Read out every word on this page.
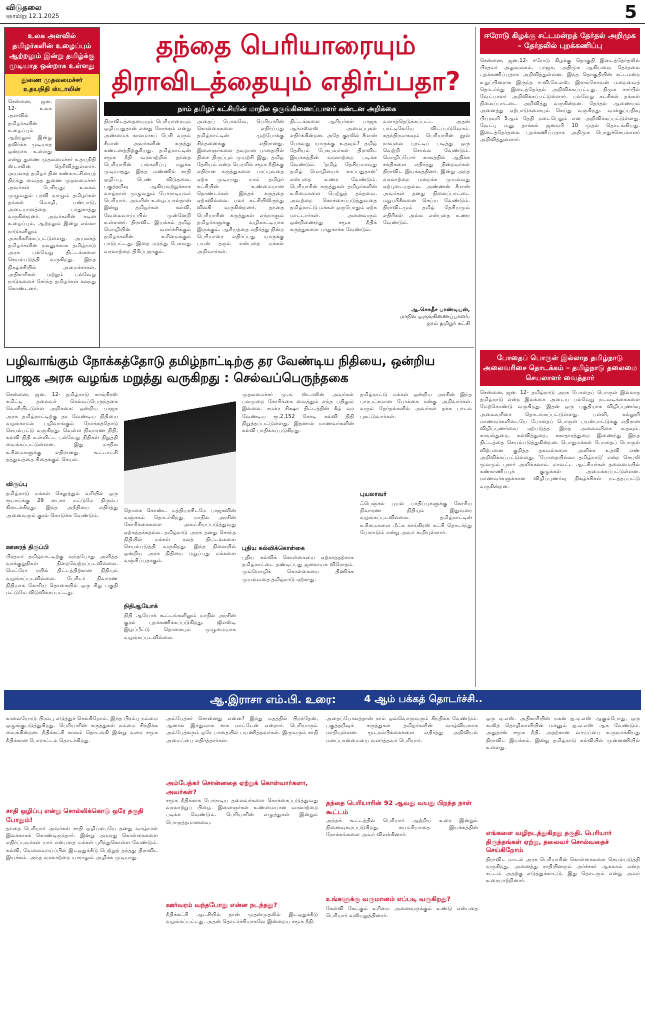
விடுதலை
ஞாயிறு 12.1.2025	5
உலக அளவில் தமிழர்களின் உழைப்பும் ஆற்றலும் இன்று தமிழ்க்கு முடியாத ஒன்றாக உள்ளது
துணை முதலமைச்சர்
உதயநிதி ஸ்டாலின்
சென்னை, ஜன. 12- உலக அளவில் தமிழர்களின் உழைப்பும் ஆற்றலும் இன்று தவிர்க்க முடியாத ஒன்றாக உள்ளது என்று துணை முதலமைச்சர் உதயநிதி ஸ்டாலின் தெரிவித்துள்ளார். அயலகத் தமிழர் தின கண்காட்சியைத் திறந்து வைத்த துணை முதலமைச்சர் அவர்கள் பேசியது: உலகம் முழுவதும் பரவி வாழும் தமிழர்கள் தங்கள் மொழி, பண்பாடு, அடையாளத்தை பாதுகாத்து வருகின்றனர். அவர்களின் கடின உழைப்பும், ஆற்றலும் இன்று எல்லா நாடுகளிலும் அங்கீகரிக்கப்பட்டுள்ளது. அயலகத் தமிழர்களின் நலனுக்காக தமிழ்நாடு அரசு பல்வேறு திட்டங்களை செயல்படுத்தி வருகிறது. இந்த நிகழ்ச்சியில் அமைச்சர்கள், அதிகாரிகள் மற்றும் பல்வேறு நாடுகளைச் சேர்ந்த தமிழர்கள் கலந்து கொண்டனர்.
தந்தை பெரியாரையும்
திராவிடத்தையும் எதிர்ப்பதா?
நாம் தமிழர் கட்சியின் மாநில ஒருங்கிணைப்பாளர் கண்டன அறிக்கை
திராவிடத்தையையும் பெரியாரையும் ஒழிப்பதுதான் எனது நோக்கம் என்று அண்மைக் காலமாகப் பேசி வரும் சீமான் அவர்களின் கருத்து கண்டனத்திற்குரியது. தமிழ்நாட்டின் சமூக நீதி வரலாற்றில் தந்தை பெரியாரின் பங்களிப்பு மறுக்க முடியாதது. இந்த மண்ணில் சாதி ஒழிப்பு, பெண் விடுதலை, பகுத்தறிவு ஆகியவற்றுக்காக வாழ்நாள் முழுவதும் போராடியவர் பெரியார். அவரின் உழைப்பால்தான் இன்று தமிழர்கள் கல்வி, வேலைவாய்ப்பில் முன்னேறி உள்ளனர். திராவிட இயக்கம் தமிழ் மொழியின் வளர்ச்சிக்கும் தமிழர்களின் உரிமைக்கும் பாடுபட்டது. இதை மறந்து பேசுவது வரலாற்றை திரிப்பதாகும்.
அதைப் போலவே, பெரியாரின் கொள்கைகளை எதிர்ப்பது தமிழ்நாட்டின் முற்போக்கு சிந்தனைக்கு எதிரானது. இளைஞர்களை தவறான பாதையில் திசை திருப்பும் முயற்சி இது. தமிழ் தேசியம் என்ற பெயரில் சமூக நீதிக்கு எதிரான கருத்துகளை பரப்புவதை ஏற்க முடியாது. நாம் தமிழர் கட்சியின் உண்மையான தொண்டர்கள் இந்தக் கருத்தை ஏற்கவில்லை. பலர் கட்சியிலிருந்து விலகி வருகின்றனர். தந்தை பெரியாரின் கருத்துகள் எந்நாளும் தமிழர்களுக்கு வழிகாட்டியாக இருக்கும். ஆரியத்தை எதிர்த்து நின்ற பெரியாரை எதிர்ப்பது யாருக்கு பயன் தரும் என்பதை மக்கள் அறிவார்கள்.
திட்டங்களை ஆரியர்கள் பாஜக ஆர்எஸ்எஸ் அமைப்புகள் எதிர்க்கின்றன. அதே குரலில் சீமான் பேசுவது யாருக்கு உதவும்? தமிழ் தேசியம் பேசுபவர்கள் திராவிட இயக்கத்தின் வரலாற்றை படிக்க வேண்டும். 'தமிழ் தேசியமாவது தமிழ் மொழியைக் காப்பதுதான்' என்பதை உணர வேண்டும். பெரியாரின் கருத்துகள் தமிழர்களின் உரிமைகளை பெற்றுத் தந்தவை. அவற்றை கொச்சைப்படுத்துவதை தமிழ்நாட்டு மக்கள் ஒருபோதும் ஏற்க மாட்டார்கள். அனைவரும் ஒன்றிணைந்து சமூக நீதிக் கருத்துகளை பாதுகாக்க வேண்டும்.
வளர்த்தெடுக்கப்பட்ட அதன் பாட்டிலேயே விடப்படுவோம். சுதந்திரமாகவும் பெரியாரின் நூல் நாவலை புரட்டிப் படித்து ஒரு வெற்றி சொல்ல வேண்டும். மொழிப்போர் காலத்தில் ஆதிக்க சக்திகளை எதிர்த்து நின்றவர்கள் திராவிட இயக்கத்தினர். இன்று அந்த வரலாற்றை மறைக்க முயல்வது ஏற்புடையதல்ல. அண்ணன் சீமான் அவர்கள் தனது நிலைப்பாட்டை மறுபரிசீலனை செய்ய வேண்டும். திராவிடமும் தமிழ் தேசியமும் எதிரிகள் அல்ல என்பதை உணர வேண்டும்.
ஆ.செகதீச பாண்டியன்,
மாநில ஒருங்கிணைப்பாளர்,
நாம் தமிழர் கட்சி
ஈரோடு கிழக்கு சட்டமன்றத் தேர்தல் அறிமுக – தேர்தலில் புறக்கணிப்பு
சென்னை, ஜன.12- ஈரோடு கிழக்கு தொகுதி இடைத்தேர்தலில் பிரதமர் அலுவலகம், பாஜக, அதிமுக ஆகியவை தேர்தலை புறக்கணிப்பதாக அறிவித்துள்ளன. இந்த தொகுதியின் சட்டமன்ற உறுப்பினராக இருந்த ஈ.வி.கே.எஸ். இளங்கோவன் மறைவைத் தொடர்ந்து இடைத்தேர்தல் அறிவிக்கப்பட்டது. திமுக சார்பில் வேட்பாளர் அறிவிக்கப்பட்டுள்ளார். பல்வேறு கட்சிகள் தங்கள் நிலைப்பாட்டை அறிவித்து வருகின்றன. தேர்தல் ஆணையம் அனைத்து ஏற்பாடுகளையும் செய்து வருகிறது. வாக்குப்பதிவு பிப்ரவரி 5ஆம் தேதி நடைபெறும் என அறிவிக்கப்பட்டுள்ளது. வேட்பு மனு தாக்கல் ஜனவரி 10 முதல் தொடங்கியது. இடைத்தேர்தலை புறக்கணிப்பதாக அதிமுக பொதுச்செயலாளர் அறிவித்துள்ளார்.
போதைப் பொருள் இல்லாத தமிழ்நாடு அலைவரிசை தொடக்கம் – தமிழ்நாடு தலைமை செயலாளர் வைத்தார்
சென்னை, ஜன. 12- தமிழ்நாடு அரசு போதைப் பொருள் இல்லாத தமிழ்நாடு என்ற இலக்கை அடைய பல்வேறு நடவடிக்கைகளை மேற்கொண்டு வருகிறது. இதன் ஒரு பகுதியாக விழிப்புணர்வு அலைவரிசை தொடங்கப்பட்டுள்ளது. பள்ளி, கல்லூரி மாணவர்களிடையே போதைப் பொருள் பயன்பாட்டுக்கு எதிரான விழிப்புணர்வை ஏற்படுத்த இந்த அலைவரிசை உதவும். காவல்துறை, கல்வித்துறை, சுகாதாரத்துறை இணைந்து இந்த திட்டத்தை செயல்படுத்துகின்றன. பொதுமக்கள் போதைப் பொருள் விற்பனை குறித்த தகவல்களை அளிக்க உதவி எண் அறிவிக்கப்பட்டுள்ளது. 'போதையில்லா தமிழ்நாடு' என்ற செயலி மூலமும் புகார் அளிக்கலாம். மாவட்ட ஆட்சியர்கள் தலைமையில் கண்காணிப்புக் குழுக்கள் அமைக்கப்பட்டுள்ளன. மாணவர்களுக்கான விழிப்புணர்வு நிகழ்ச்சிகள் நடத்தப்பட்டு வருகின்றன.
பழிவாங்கும் நோக்கத்தோடு தமிழ்நாட்டிற்கு தர வேண்டிய நிதியை, ஒன்றிய பாஜக அரசு வழங்க மறுத்து வருகிறது : செல்வப்பெருந்தகை
சென்னை, ஜன. 12- தமிழ்நாடு காங்கிரஸ் கமிட்டி தலைவர் செல்வப்பெருந்தகை வெளியிட்டுள்ள அறிக்கை: ஒன்றிய பாஜக அரசு தமிழ்நாட்டிற்கு தர வேண்டிய நிதியை வழங்காமல் பழிவாங்கும் நோக்கத்தோடு செயல்பட்டு வருகிறது. வெள்ள நிவாரண நிதி, கல்வி நிதி உள்ளிட்ட பல்வேறு நிதிகள் நிறுத்தி வைக்கப்பட்டுள்ளன. இது மாநில உரிமைகளுக்கு எதிரானது. கூட்டாட்சி தத்துவத்தை சிதைக்கும் செயல்.
விருப்பு
தமிழ்நாடு மக்கள் செலுத்தும் வரியில் ஒரு ரூபாய்க்கு 29 பைசா மட்டுமே திரும்ப கிடைக்கிறது. இந்த அநீதியை எதிர்த்து அனைவரும் குரல் கொடுக்க வேண்டும்.
ஊரைத் திருப்பி
பிரதமர் தமிழ்நாட்டிற்கு வந்தபோது அளித்த வாக்குறுதிகள் நிறைவேற்றப்படவில்லை. மெட்ரோ ரயில் திட்டத்திற்கான நிதியும் வழங்கப்படவில்லை. பேரிடர் நிவாரண நிதியாக கோரிய தொகையில் ஒரு சிறு பகுதி மட்டுமே விடுவிக்கப்பட்டது.
தொகை கொண்ட மத்தியரசிடமே பாஜகவின் வஞ்சகம் தொடர்கிறது. மாநில அரசின் கோரிக்கைகளை அலட்சியப்படுத்துவது ஏற்கத்தக்கதல்ல. தமிழ்நாடு அரசு தனது சொந்த நிதியில் மக்கள் நலத் திட்டங்களை செயல்படுத்தி வருகிறது. இந்த நிலையில் ஒன்றிய அரசு நிதியை மறுப்பது மக்களை வஞ்சிப்பதாகும்.
நிதிஆயோக்
நிதி ஆயோக் கூட்டங்களிலும் மாநில அரசின் குரல் புறக்கணிக்கப்படுகிறது. ஜிஎஸ்டி இழப்பீட்டு தொகையும் முழுமையாக வழங்கப்படவில்லை.
முதலமைச்சர் மு.க. ஸ்டாலின் அவர்கள் பலமுறை கோரிக்கை வைத்தும் எந்த பதிலும் இல்லை. சமக்ர சிக்ஷா திட்டத்தின் கீழ் வர வேண்டிய ரூ.2,152 கோடி கல்வி நிதி நிறுத்தப்பட்டுள்ளது. இதனால் மாணவர்களின் கல்வி பாதிக்கப்படுகிறது.
புதிய கல்விக்கொள்கை
புதிய கல்விக் கொள்கையை ஏற்காததற்காக தமிழ்நாட்டை தண்டிப்பது ஜனநாயக விரோதம். மும்மொழிக் கொள்கையை திணிக்க முயல்வதை தமிழ்நாடு ஏற்காது.
தமிழ்நாட்டு மக்கள் ஒன்றிய அரசின் இந்த பாரபட்சமான போக்கை நன்கு அறிவார்கள். வரும் தேர்தல்களில் அவர்கள் தக்க பாடம் புகட்டுவார்கள்.
புயலாவர்
ஃபெஞ்சல் புயல் பாதிப்புகளுக்கு கோரிய நிவாரண நிதியும் இதுவரை வழங்கப்படவில்லை. தமிழ்நாட்டின் உரிமைகளை மீட்க காங்கிரஸ் கட்சி தொடர்ந்து போராடும் என்று அவர் கூறியுள்ளார்.
ஆ.இராசா எம்.பி. உரை:	4 ஆம் பக்கத் தொடர்ச்சி..
காலையோடு பிரம்பு எடுத்துச் செல்கிறோம். இந்த பிரம்பு நம்மை ஒழுங்குபடுத்துகிறது. பெரியாரின் கருத்துகள் நம்மை சிந்திக்க வைக்கின்றன. நீதிக்கட்சி காலம் தொடங்கி இன்று வரை சமூக நீதிக்கான போராட்டம் தொடர்கிறது.
சாதி ஒழிப்பு என்று சொல்லிக்கொடு ஒரே தகுதி போதும்!
தந்தை பெரியார் அவர்கள் சாதி ஒழிப்பையே தனது வாழ்நாள் இலக்காகக் கொண்டிருந்தார். இன்று அவரது கொள்கைகளை எதிர்ப்பவர்கள் யார் என்பதை மக்கள் புரிந்துகொள்ள வேண்டும். கல்வி, வேலைவாய்ப்பில் இடஒதுக்கீடு பெற்றுத் தந்தது திராவிட இயக்கம். அந்த வரலாற்றை யாராலும் அழிக்க முடியாது.
அம்பேத்கர் சொன்னது என்ன? இந்து மதத்தில் பிறந்தேன், ஆனால் இந்துவாக சாக மாட்டேன் என்றார். பெரியாரும் அம்பேத்கரும் ஒரே பாதையில் பயணித்தவர்கள். இருவரும் சாதி அமைப்பை எதிர்த்தார்கள்.
அம்பேத்கர் சொன்னதை ஏற்றுக் கொள்வார்களா, அவர்கள்?
சமூக நீதிக்காக போராடிய தலைவர்களை கொச்சைப்படுத்துவது வரலாற்றுப் பிழை. இளைஞர்கள் உண்மையான வரலாற்றை படிக்க வேண்டும். பெரியாரின் எழுத்துகள் இன்றும் பொருத்தமானவை.
ஊர்வரம் வந்தபோது என்ன நடந்தது?
நீதிக்கட்சி ஆட்சியில் தான் முதன்முதலில் இடஒதுக்கீடு வழங்கப்பட்டது. அதன் தொடர்ச்சியாகவே இன்றைய சமூக நீதி.
அதைப்போலத்தான் நாம் ஒவ்வொருவரும் சிந்திக்க வேண்டும். பகுத்தறிவுக் கருத்துகள் தமிழர்களின் வாழ்வியலாக மாறியுள்ளன. மூடநம்பிக்கைகளை எதிர்த்து அறிவியல் மனப்பான்மையை வளர்த்தவர் பெரியார்.
தந்தை பெரியாரின் 92 ஆவது வயது பிறந்த நாள் கூட்டம்
அந்தக் கூட்டத்தில் பெரியார் ஆற்றிய உரை இன்றும் நினைவுகூரப்படுகிறது. சுயமரியாதை இயக்கத்தின் நோக்கங்களை அவர் விளக்கினார்.
உங்களுக்கு வருமானம் எப்படி வருகிறது?
கேள்வி கேட்கும் உரிமை அனைவருக்கும் உண்டு என்பதை பெரியார் வலியுறுத்தினார்.
ஒரு ஏ.எஸ். அதிகாரியின் மகன் ஐ.ஏ.எஸ் ஆகும்போது, ஒரு கூலித் தொழிலாளியின் மகனும் ஐ.ஏ.எஸ் ஆக வேண்டும். அதுதான் சமூக நீதி. அதற்கான வாய்ப்பை உருவாக்கியது திராவிட இயக்கம். இன்று தமிழ்நாடு கல்வியில் முன்னணியில் உள்ளது.
எங்களை வழிநடத்துகிறது தகுதி. பெரியார் திருத்தங்கள் ஏற்று, தலைவர் சொல்வதைச் செய்கிறோம்
திராவிட மாடல் அரசு பெரியாரின் கொள்கைகளை செயல்படுத்தி வருகிறது. அனைத்து சாதியினரும் அர்ச்சகர் ஆகலாம் என்ற சட்டம் அதற்கு எடுத்துக்காட்டு. இது தொடரும் என்று அவர் உரையாற்றினார்.
